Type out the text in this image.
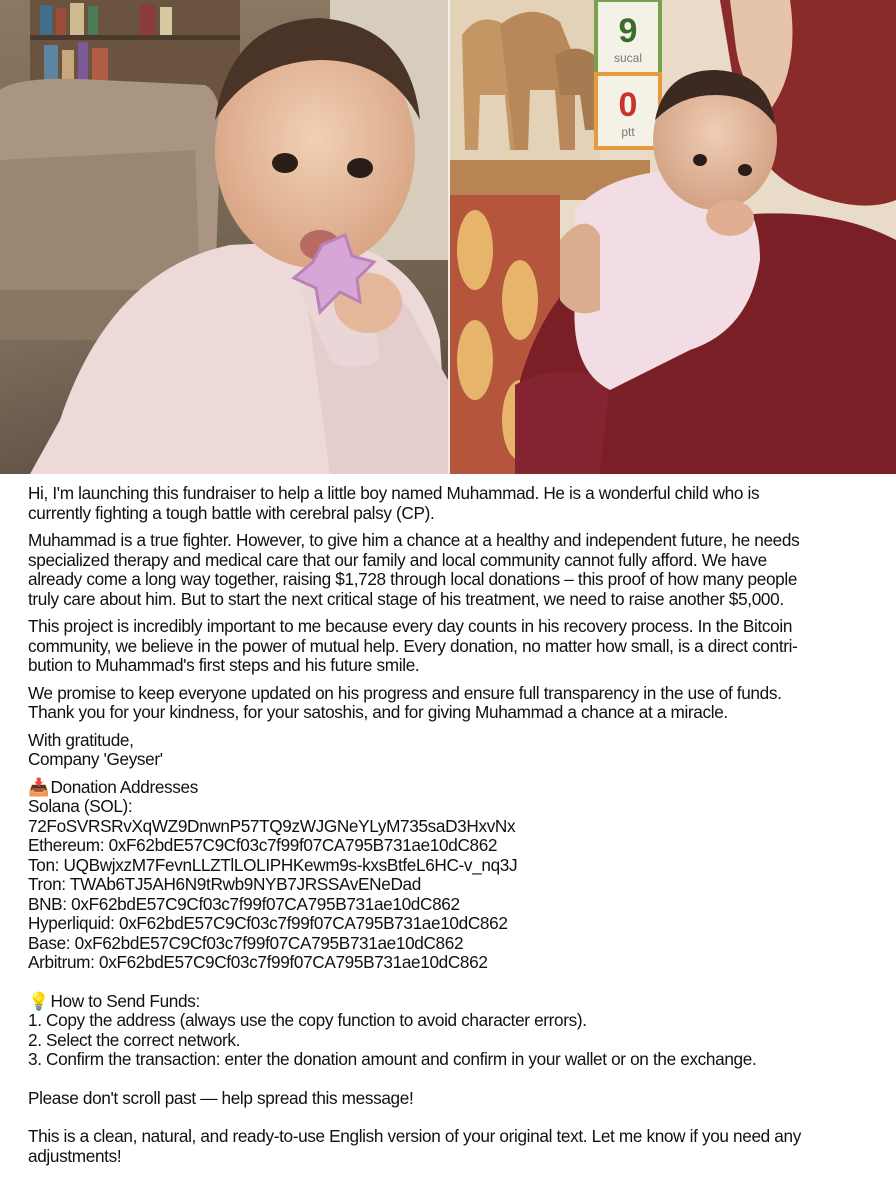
9
sucal
0
ptt
Hi, I'm launching this fundraiser to help a little boy named Muhammad. He is a wonderful child who is
currently fighting a tough battle with cerebral palsy (CP).
Muhammad is a true fighter. However, to give him a chance at a healthy and independent future, he needs
specialized therapy and medical care that our family and local community cannot fully afford. We have
already come a long way together, raising $1,728 through local donations – this proof of how many people
truly care about him. But to start the next critical stage of his treatment, we need to raise another $5,000.
This project is incredibly important to me because every day counts in his recovery process. In the Bitcoin
community, we believe in the power of mutual help. Every donation, no matter how small, is a direct contri-
bution to Muhammad's first steps and his future smile.
We promise to keep everyone updated on his progress and ensure full transparency in the use of funds.
Thank you for your kindness, for your satoshis, and for giving Muhammad a chance at a miracle.
With gratitude,
Company 'Geyser'
📥 Donation Addresses
Solana (SOL):
72FoSVRSRvXqWZ9DnwnP57TQ9zWJGNeYLyM735saD3HxvNx
Ethereum: 0xF62bdE57C9Cf03c7f99f07CA795B731ae10dC862
Ton: UQBwjxzM7FevnLLZTlLOLIPHKewm9s-kxsBtfeL6HC-v_nq3J
Tron: TWAb6TJ5AH6N9tRwb9NYB7JRSSAvENeDad
BNB: 0xF62bdE57C9Cf03c7f99f07CA795B731ae10dC862
Hyperliquid: 0xF62bdE57C9Cf03c7f99f07CA795B731ae10dC862
Base: 0xF62bdE57C9Cf03c7f99f07CA795B731ae10dC862
Arbitrum: 0xF62bdE57C9Cf03c7f99f07CA795B731ae10dC862
💡 How to Send Funds:
1. Copy the address (always use the copy function to avoid character errors).
2. Select the correct network.
3. Confirm the transaction: enter the donation amount and confirm in your wallet or on the exchange.
Please don't scroll past — help spread this message!
This is a clean, natural, and ready-to-use English version of your original text. Let me know if you need any
adjustments!
